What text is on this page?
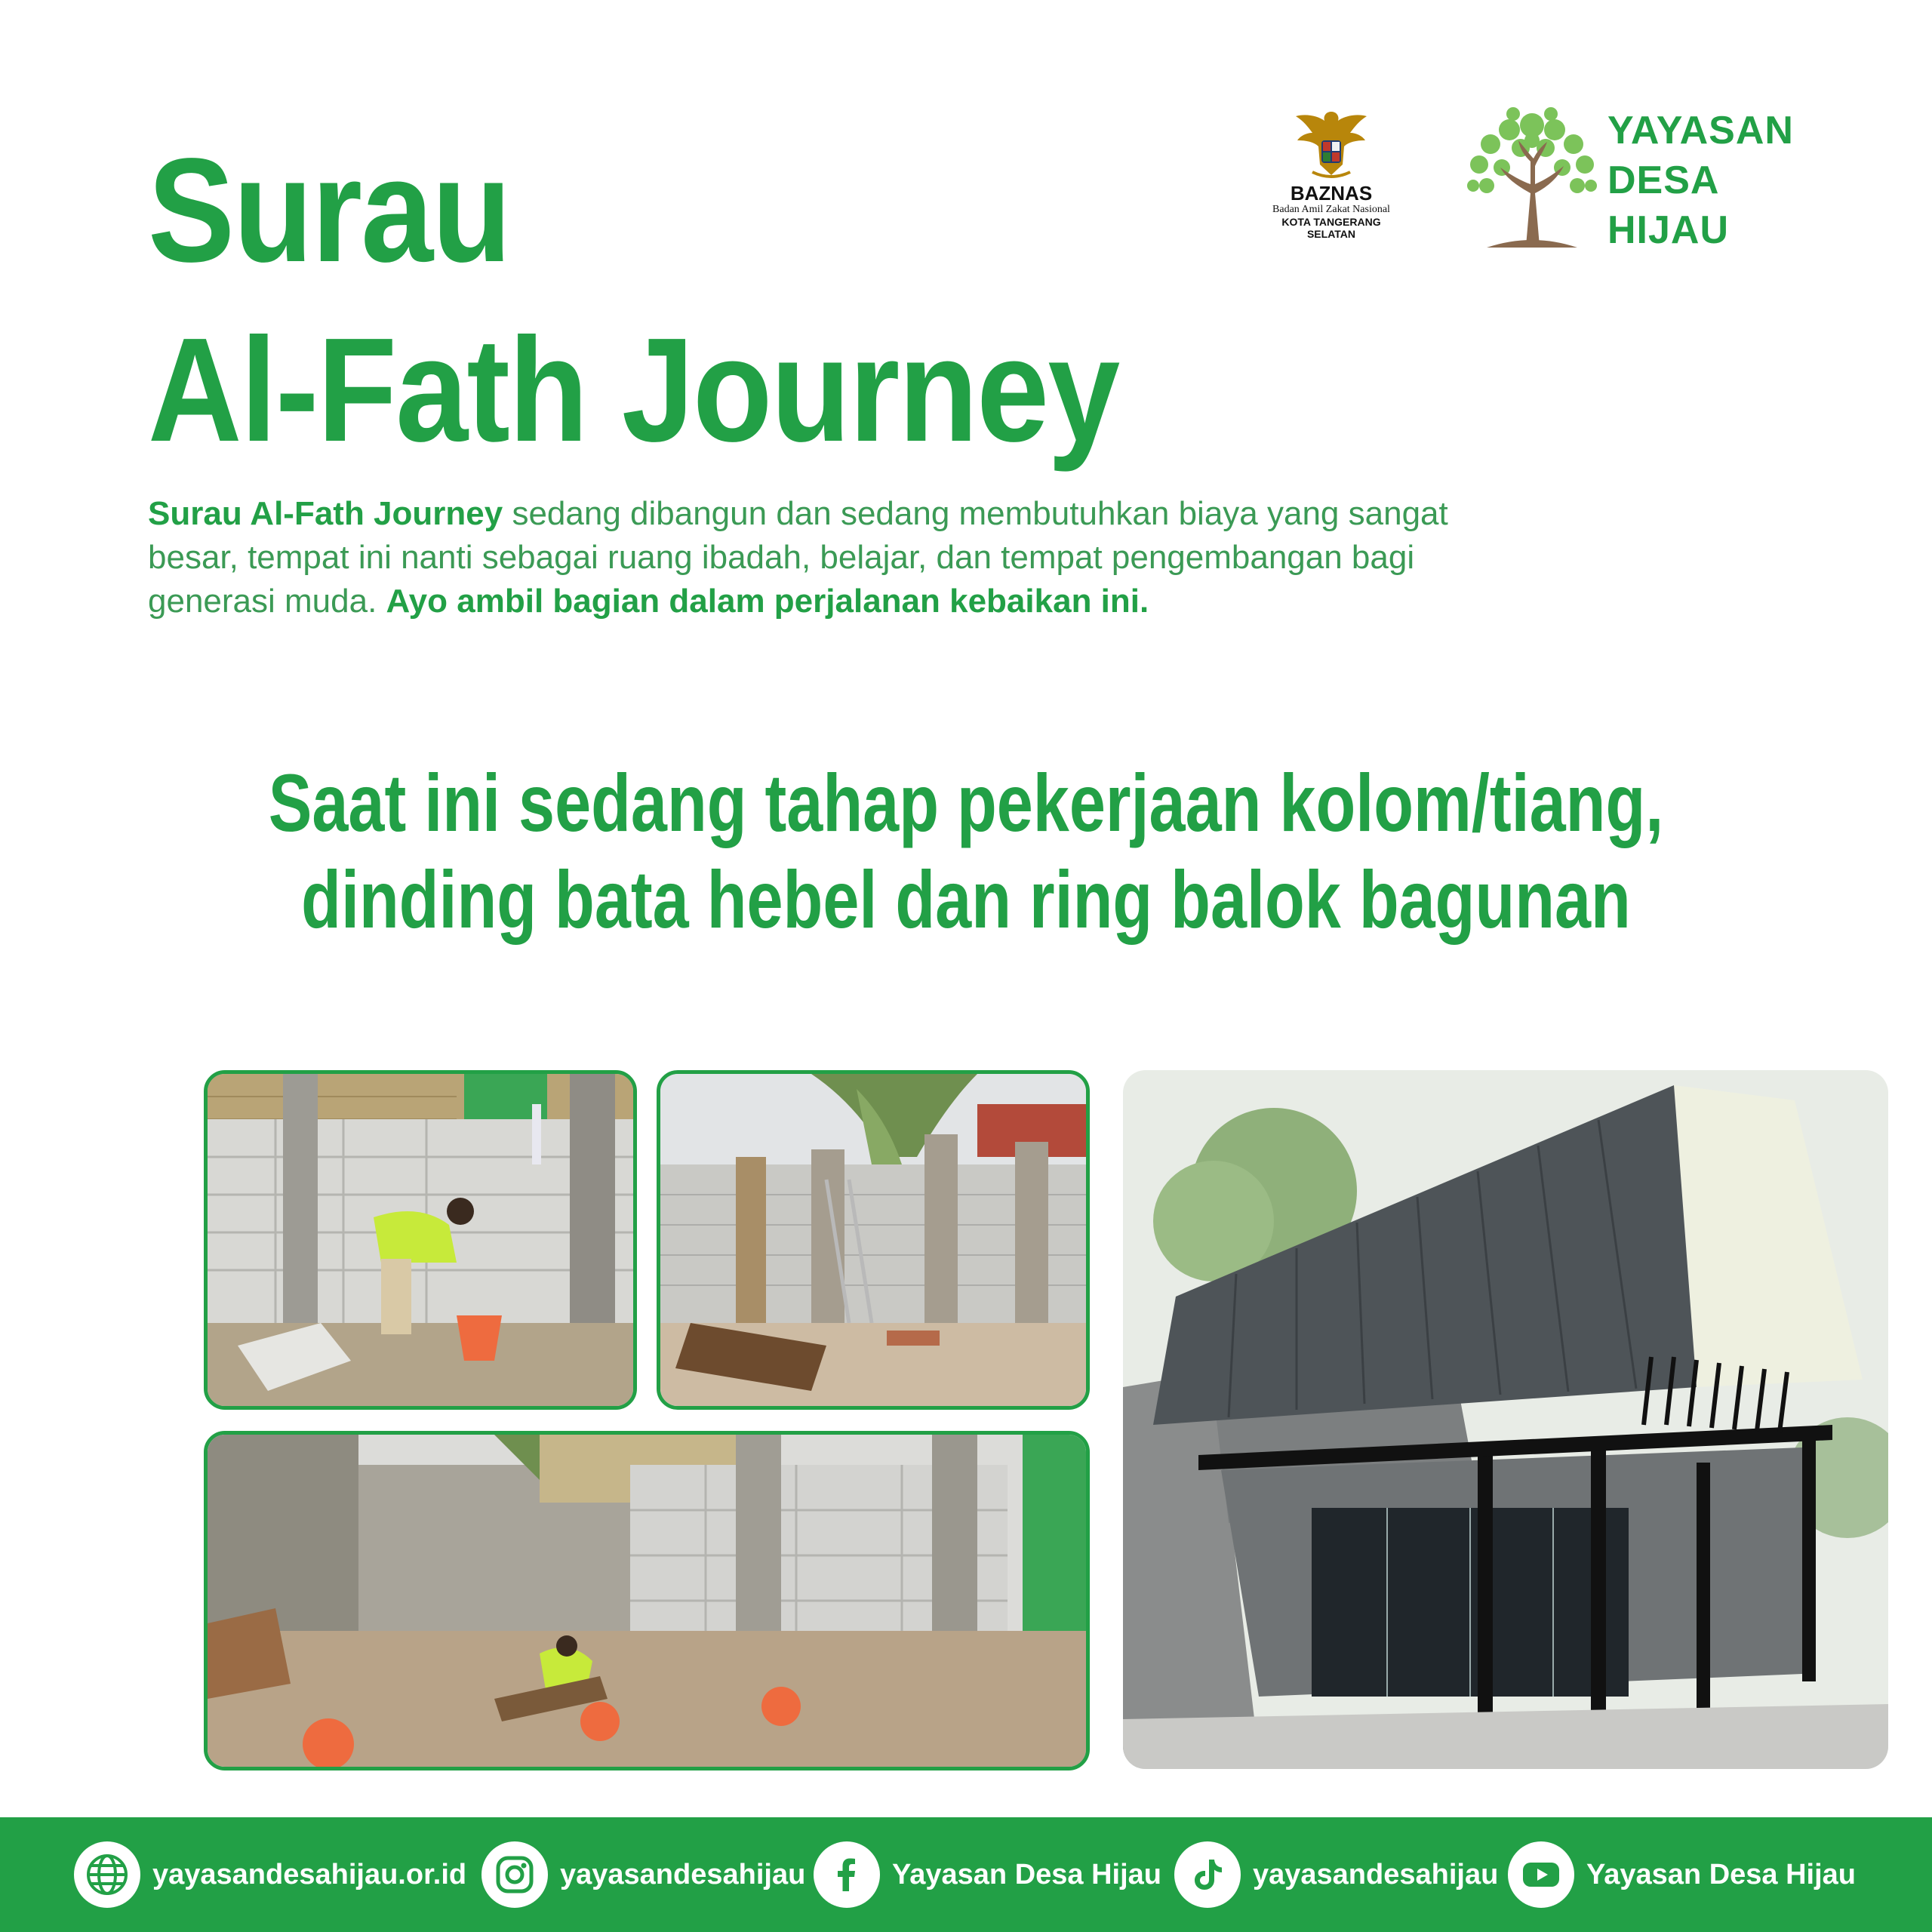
Surau
Al-Fath Journey
BAZNAS
Badan Amil Zakat Nasional
KOTA TANGERANG SELATAN
YAYASAN
DESA
HIJAU
Surau Al-Fath Journey sedang dibangun dan sedang membutuhkan biaya yang sangat besar, tempat ini nanti sebagai ruang ibadah, belajar, dan tempat pengembangan bagi generasi muda. Ayo ambil bagian dalam perjalanan kebaikan ini.
Saat ini sedang tahap pekerjaan kolom/tiang,
dinding bata hebel dan ring balok bagunan
yayasandesahijau.or.id	yayasandesahijau	Yayasan Desa Hijau	yayasandesahijau	Yayasan Desa Hijau
